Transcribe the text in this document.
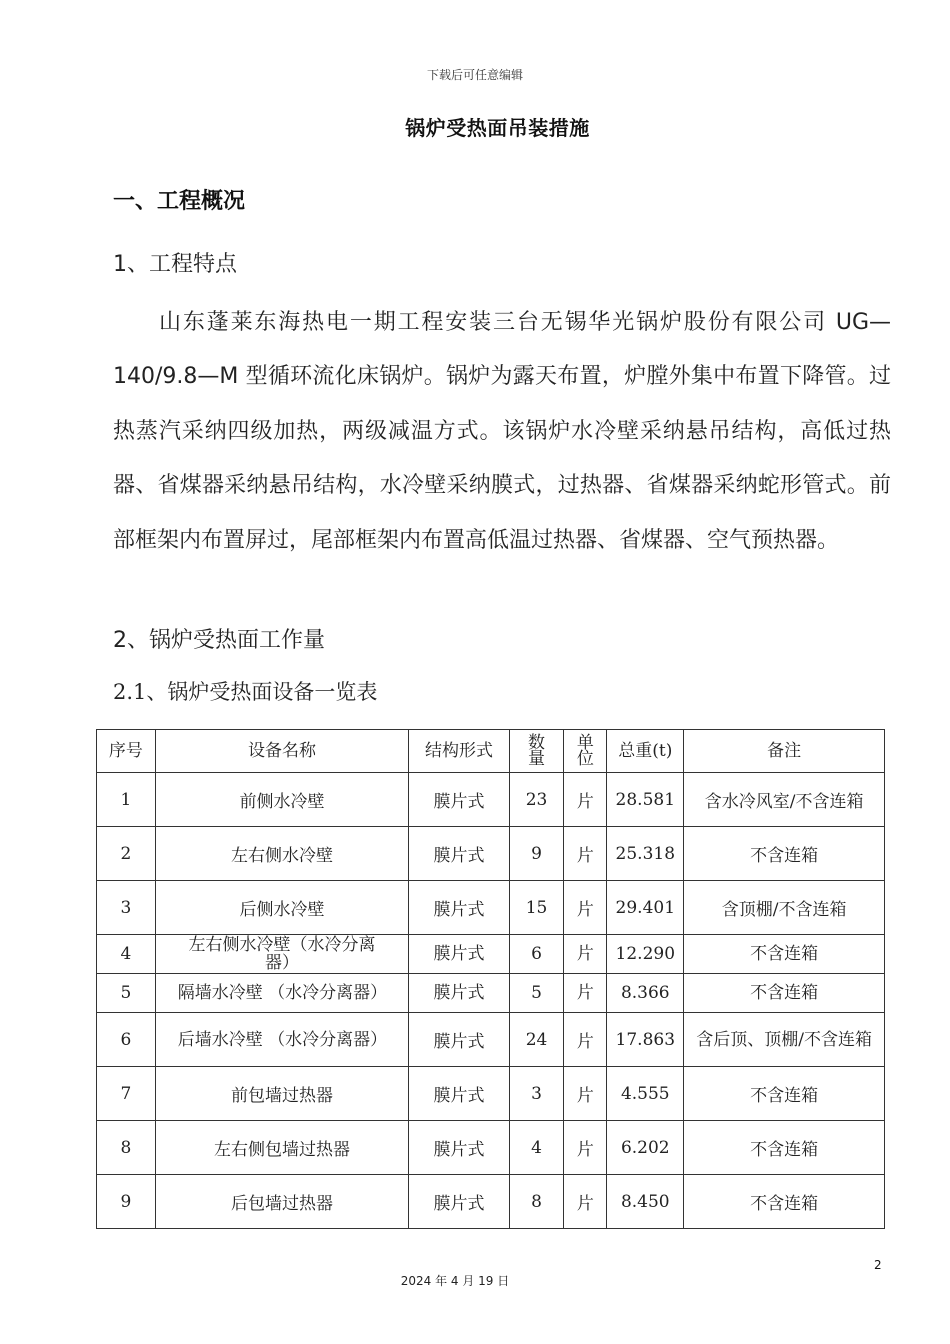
下载后可任意编辑
锅炉受热面吊装措施
一、工程概况
1、工程特点
山东蓬莱东海热电一期工程安装三台无锡华光锅炉股份有限公司 UG—140/9.8—M 型循环流化床锅炉。锅炉为露天布置，炉膛外集中布置下降管。过热蒸汽采纳四级加热，两级减温方式。该锅炉水冷壁采纳悬吊结构，高低过热器、省煤器采纳悬吊结构，水冷壁采纳膜式，过热器、省煤器采纳蛇形管式。前部框架内布置屏过，尾部框架内布置高低温过热器、省煤器、空气预热器。
2、锅炉受热面工作量
2.1、锅炉受热面设备一览表
序号	设备名称	结构形式	数量	单位	总重(t)	备注
1	前侧水冷壁	膜片式	23	片	28.581	含水冷风室/不含连箱
2	左右侧水冷壁	膜片式	9	片	25.318	不含连箱
3	后侧水冷壁	膜片式	15	片	29.401	含顶棚/不含连箱
4	左右侧水冷壁（水冷分离器）	膜片式	6	片	12.290	不含连箱
5	隔墙水冷壁 （水冷分离器）	膜片式	5	片	8.366	不含连箱
6	后墙水冷壁 （水冷分离器）	膜片式	24	片	17.863	含后顶、顶棚/不含连箱
7	前包墙过热器	膜片式	3	片	4.555	不含连箱
8	左右侧包墙过热器	膜片式	4	片	6.202	不含连箱
9	后包墙过热器	膜片式	8	片	8.450	不含连箱
2
2024 年 4 月 19 日
